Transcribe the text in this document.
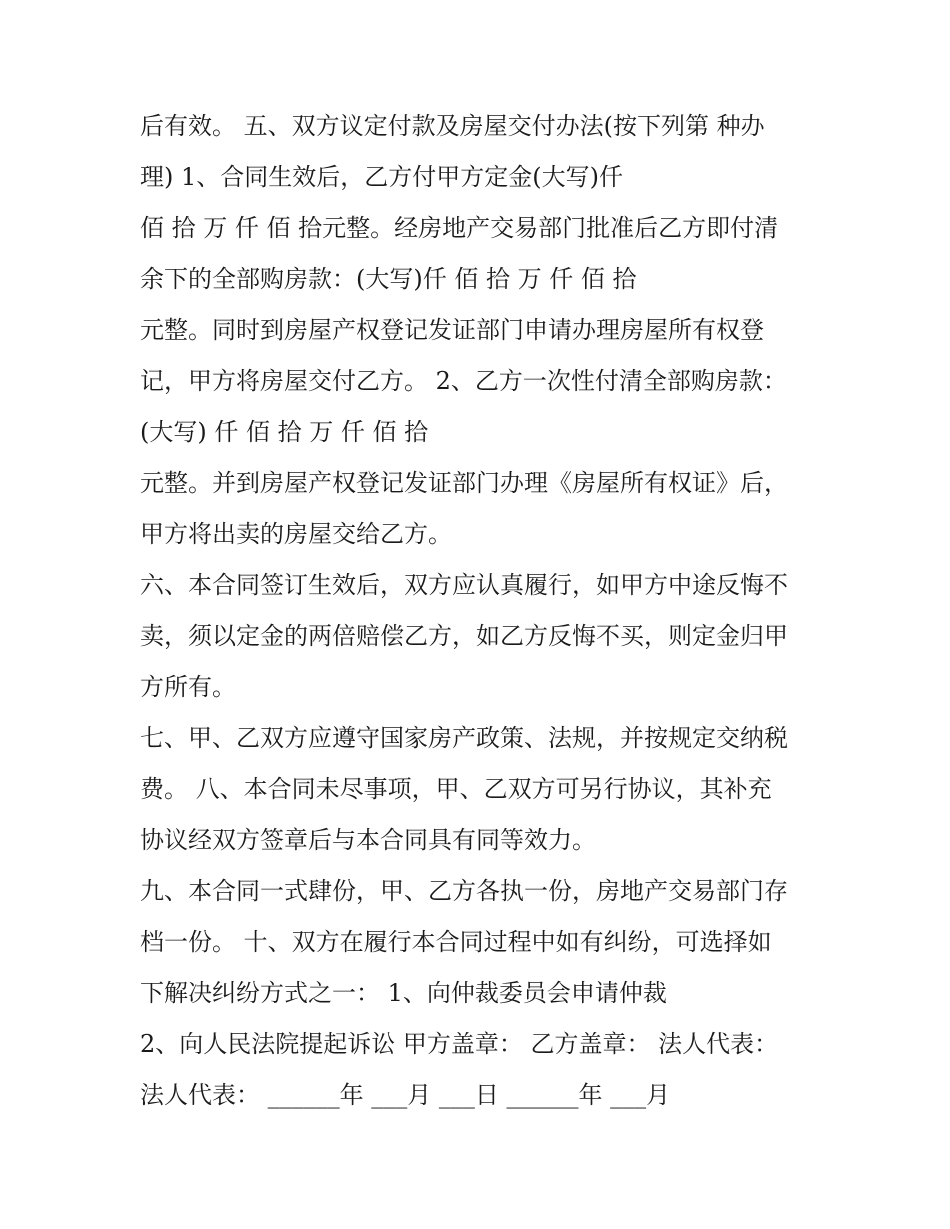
后有效。 五、双方议定付款及房屋交付办法(按下列第 种办
理) 1、合同生效后，乙方付甲方定金(大写)仟
佰 拾 万 仟 佰 拾元整。经房地产交易部门批准后乙方即付清
余下的全部购房款：(大写)仟 佰 拾 万 仟 佰 拾
元整。同时到房屋产权登记发证部门申请办理房屋所有权登
记，甲方将房屋交付乙方。 2、乙方一次性付清全部购房款：
(大写) 仟 佰 拾 万 仟 佰 拾
元整。并到房屋产权登记发证部门办理《房屋所有权证》后，
甲方将出卖的房屋交给乙方。
六、本合同签订生效后，双方应认真履行，如甲方中途反悔不
卖，须以定金的两倍赔偿乙方，如乙方反悔不买，则定金归甲
方所有。
七、甲、乙双方应遵守国家房产政策、法规，并按规定交纳税
费。 八、本合同未尽事项，甲、乙双方可另行协议，其补充
协议经双方签章后与本合同具有同等效力。
九、本合同一式肆份，甲、乙方各执一份，房地产交易部门存
档一份。 十、双方在履行本合同过程中如有纠纷，可选择如
下解决纠纷方式之一： 1、向仲裁委员会申请仲裁
2、向人民法院提起诉讼 甲方盖章： 乙方盖章： 法人代表：
法人代表： ______年 ___月 ___日 ______年 ___月
